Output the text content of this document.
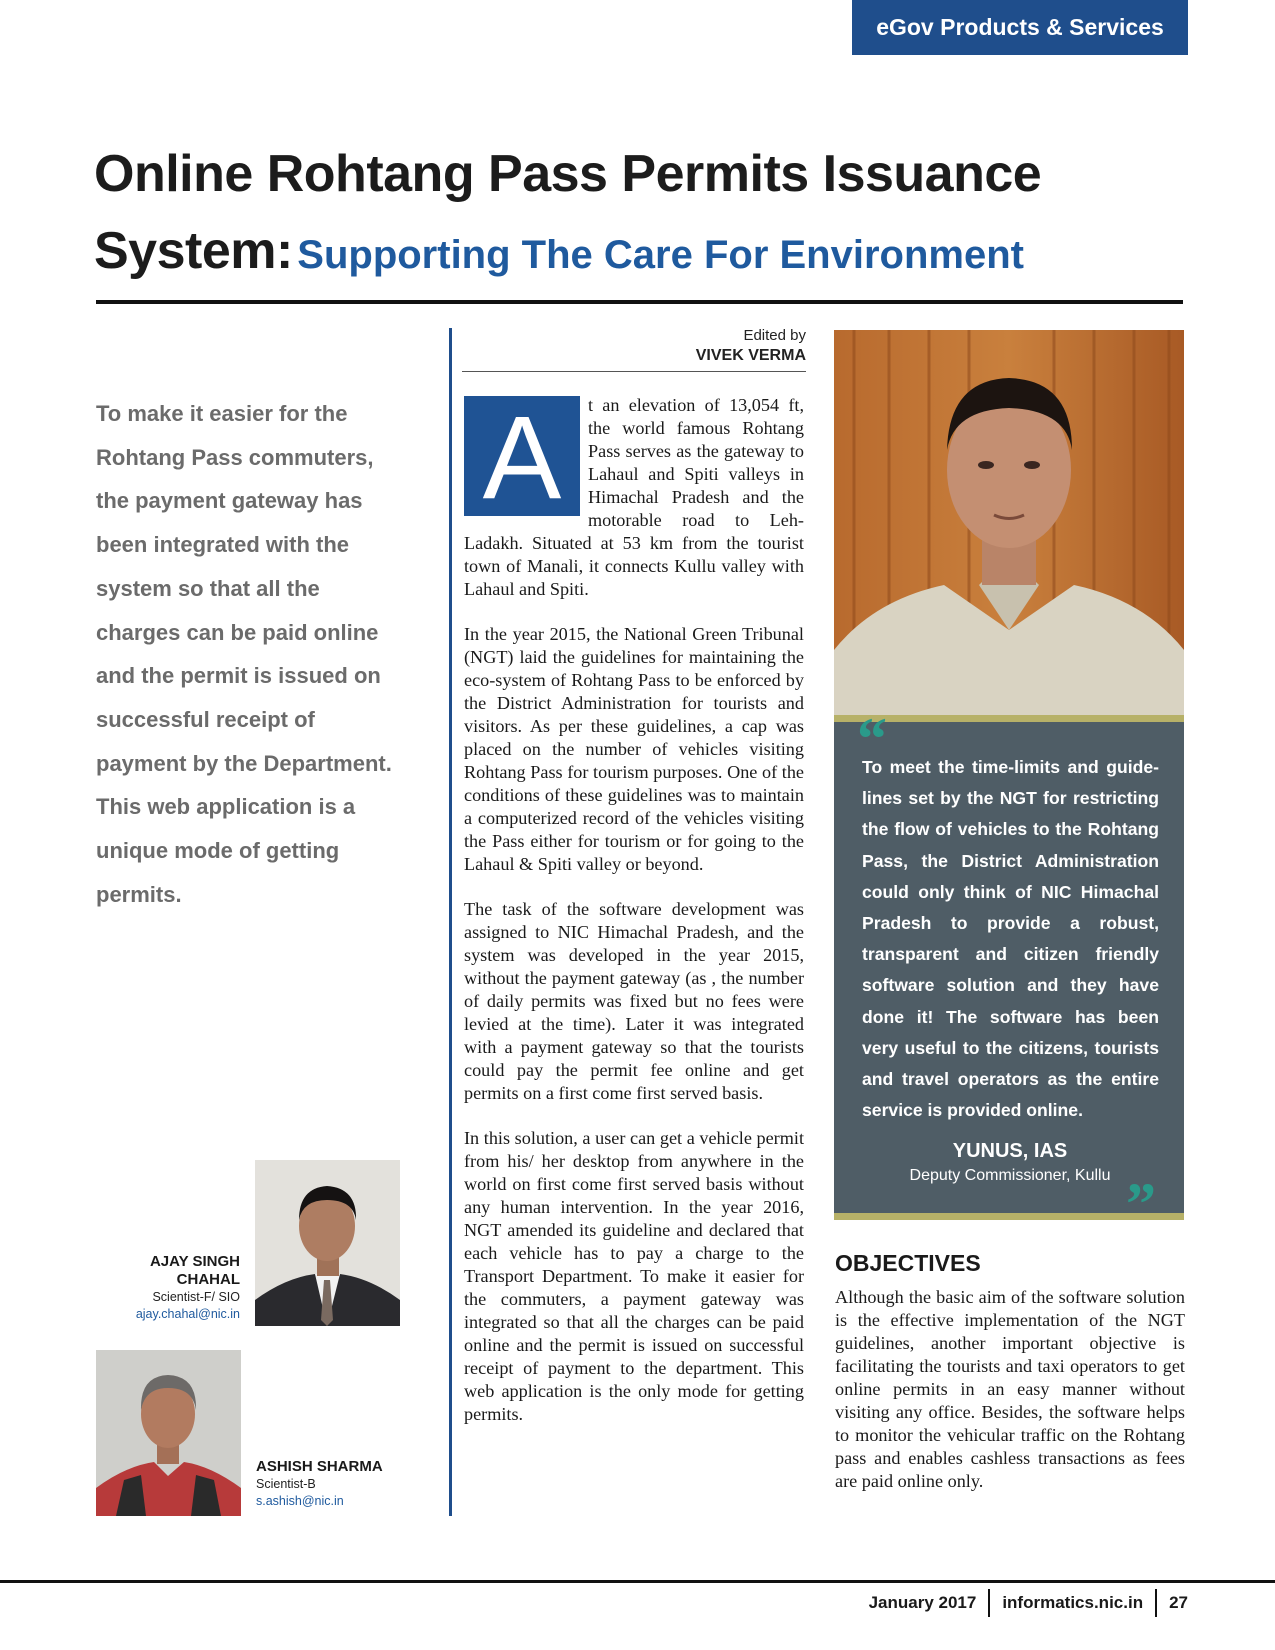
eGov Products & Services
Online Rohtang Pass Permits Issuance System: Supporting The Care For Environment
To make it easier for the Rohtang Pass commuters, the payment gateway has been integrated with the system so that all the charges can be paid online and the permit is issued on successful receipt of payment by the Department. This web application is a unique mode of getting permits.
Edited by
VIVEK VERMA

A	t an elevation of 13,054 ft, the world famous Rohtang Pass serves as the gateway to Lahaul and Spiti valleys in Himachal Pradesh and the motorable road to Leh-Ladakh. Situated at 53 km from the tourist town of Manali, it connects Kullu valley with Lahaul and Spiti.

In the year 2015, the National Green Tribunal (NGT) laid the guidelines for maintaining the eco-system of Rohtang Pass to be enforced by the District Administration for tourists and visitors. As per these guidelines, a cap was placed on the number of vehicles visiting Rohtang Pass for tourism purposes. One of the conditions of these guidelines was to maintain a computerized record of the vehicles visiting the Pass either for tourism or for going to the Lahaul & Spiti valley or beyond.

The task of the software development was assigned to NIC Himachal Pradesh, and the system was developed in the year 2015, without the payment gateway (as , the number of daily permits was fixed but no fees were levied at the time). Later it was integrated with a payment gateway so that the tourists could pay the permit fee online and get permits on a first come first served basis.

In this solution, a user can get a vehicle permit from his/ her desktop from anywhere in the world on first come first served basis without any human intervention. In the year 2016, NGT amended its guideline and declared that each vehicle has to pay a charge to the Transport Department. To make it easier for the commuters, a payment gateway was integrated so that all the charges can be paid online and the permit is issued on successful receipt of payment to the department. This web application is the only mode for getting permits.

“
To meet the time-limits and guide-lines set by the NGT for restricting the flow of vehicles to the Rohtang Pass, the District Administration could only think of NIC Himachal Pradesh to provide a robust, transparent and citizen friendly software solution and they have done it! The software has been very useful to the citizens, tourists and travel operators as the entire service is provided online.
YUNUS, IAS
Deputy Commissioner, Kullu ”
OBJECTIVES
Although the basic aim of the software solution is the effective implementation of the NGT guidelines, another important objective is facilitating the tourists and taxi operators to get online permits in an easy manner without visiting any office. Besides, the software helps to monitor the vehicular traffic on the Rohtang pass and enables cashless transactions as fees are paid online only.
AJAY SINGH
CHAHAL
Scientist-F/ SIO
ajay.chahal@nic.in
ASHISH SHARMA
Scientist-B
s.ashish@nic.in
January 2017 informatics.nic.in 27
